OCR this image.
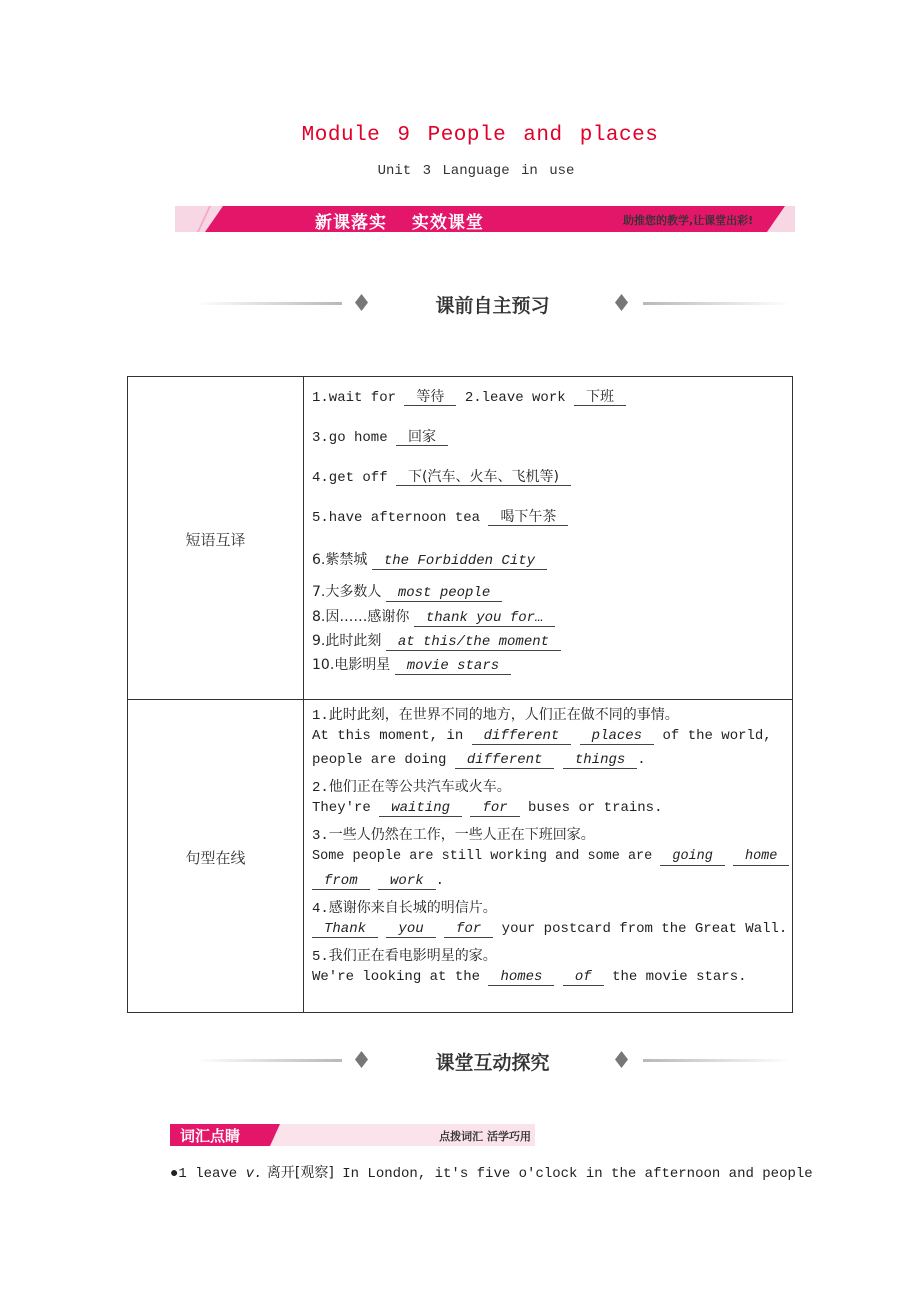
Module 9 People and places
Unit 3 Language in use
新课落实 实效课堂	助推您的教学,让课堂出彩!
课前自主预习
短语互译
句型在线
1.wait for 等待 2.leave work 下班
3.go home 回家
4.get off 下(汽车、火车、飞机等)
5.have afternoon tea 喝下午茶
6.紫禁城 the Forbidden City
7.大多数人 most people
8.因……感谢你 thank you for…
9.此时此刻 at this/the moment
10.电影明星 movie stars
1.此时此刻，在世界不同的地方，人们正在做不同的事情。
At this moment, in different places of the world,
people are doing different things .
2.他们正在等公共汽车或火车。
They're waiting for buses or trains.
3.一些人仍然在工作，一些人正在下班回家。
Some people are still working and some are going home
from work .
4.感谢你来自长城的明信片。
Thank you for your postcard from the Great Wall.
5.我们正在看电影明星的家。
We're looking at the homes of the movie stars.
课堂互动探究
词汇点睛	点拨词汇 活学巧用
●1 leave v. 离开[观察] In London, it's five o'clock in the afternoon and people
